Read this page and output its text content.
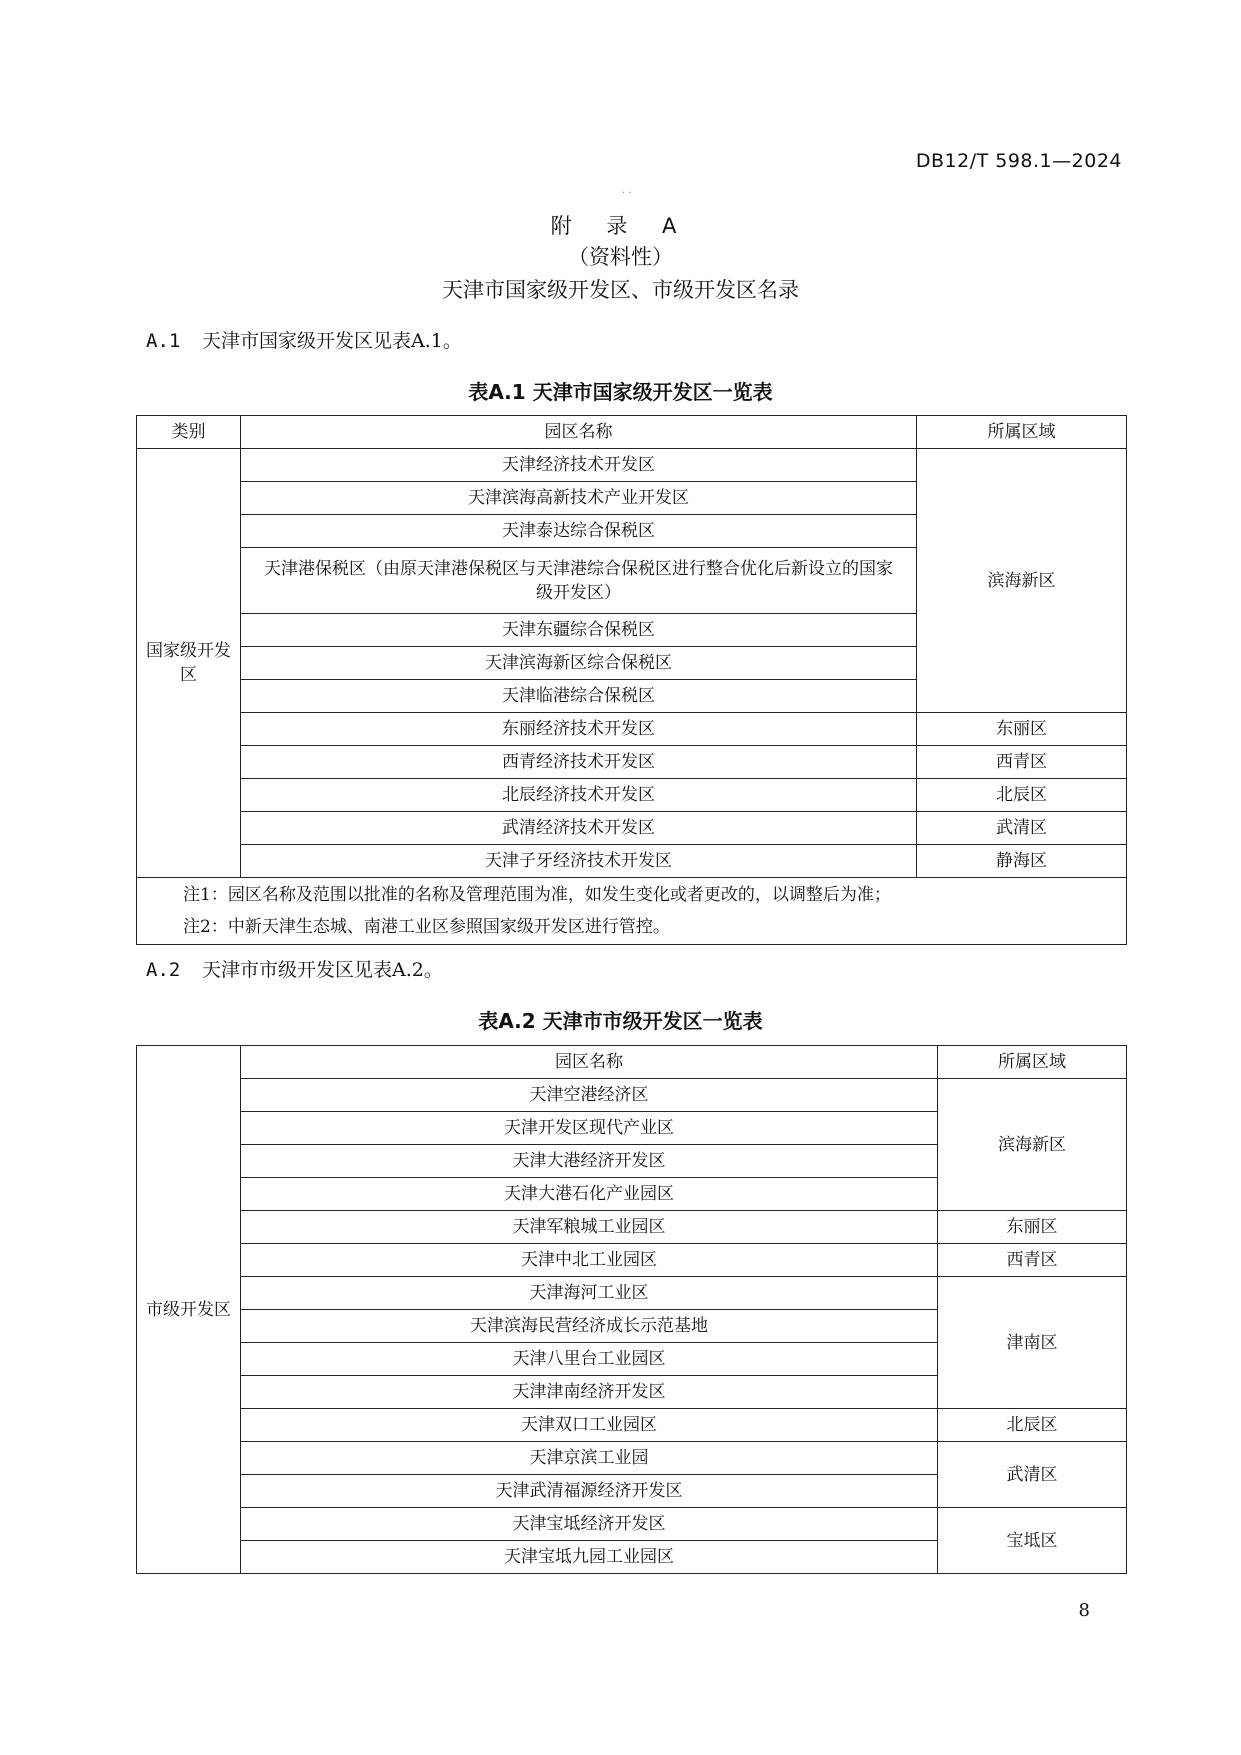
DB12/T 598.1—2024
· ·
附 录 A
（资料性）
天津市国家级开发区、市级开发区名录
A.1 天津市国家级开发区见表A.1。
表A.1 天津市国家级开发区一览表
类别	园区名称	所属区域
国家级开发区	天津经济技术开发区	滨海新区
	天津滨海高新技术产业开发区	
	天津泰达综合保税区	
	天津港保税区（由原天津港保税区与天津港综合保税区进行整合优化后新设立的国家级开发区）	
	天津东疆综合保税区	
	天津滨海新区综合保税区	
	天津临港综合保税区	
	东丽经济技术开发区	东丽区
	西青经济技术开发区	西青区
	北辰经济技术开发区	北辰区
	武清经济技术开发区	武清区
	天津子牙经济技术开发区	静海区

注1：园区名称及范围以批准的名称及管理范围为准，如发生变化或者更改的，以调整后为准；
注2：中新天津生态城、南港工业区参照国家级开发区进行管控。		
A.2 天津市市级开发区见表A.2。
表A.2 天津市市级开发区一览表
市级开发区	园区名称	所属区域
	天津空港经济区	滨海新区
	天津开发区现代产业区	
	天津大港经济开发区	
	天津大港石化产业园区	
	天津军粮城工业园区	东丽区
	天津中北工业园区	西青区
	天津海河工业区	津南区
	天津滨海民营经济成长示范基地	
	天津八里台工业园区	
	天津津南经济开发区	
	天津双口工业园区	北辰区
	天津京滨工业园	武清区
	天津武清福源经济开发区	
	天津宝坻经济开发区	宝坻区
	天津宝坻九园工业园区	
8
